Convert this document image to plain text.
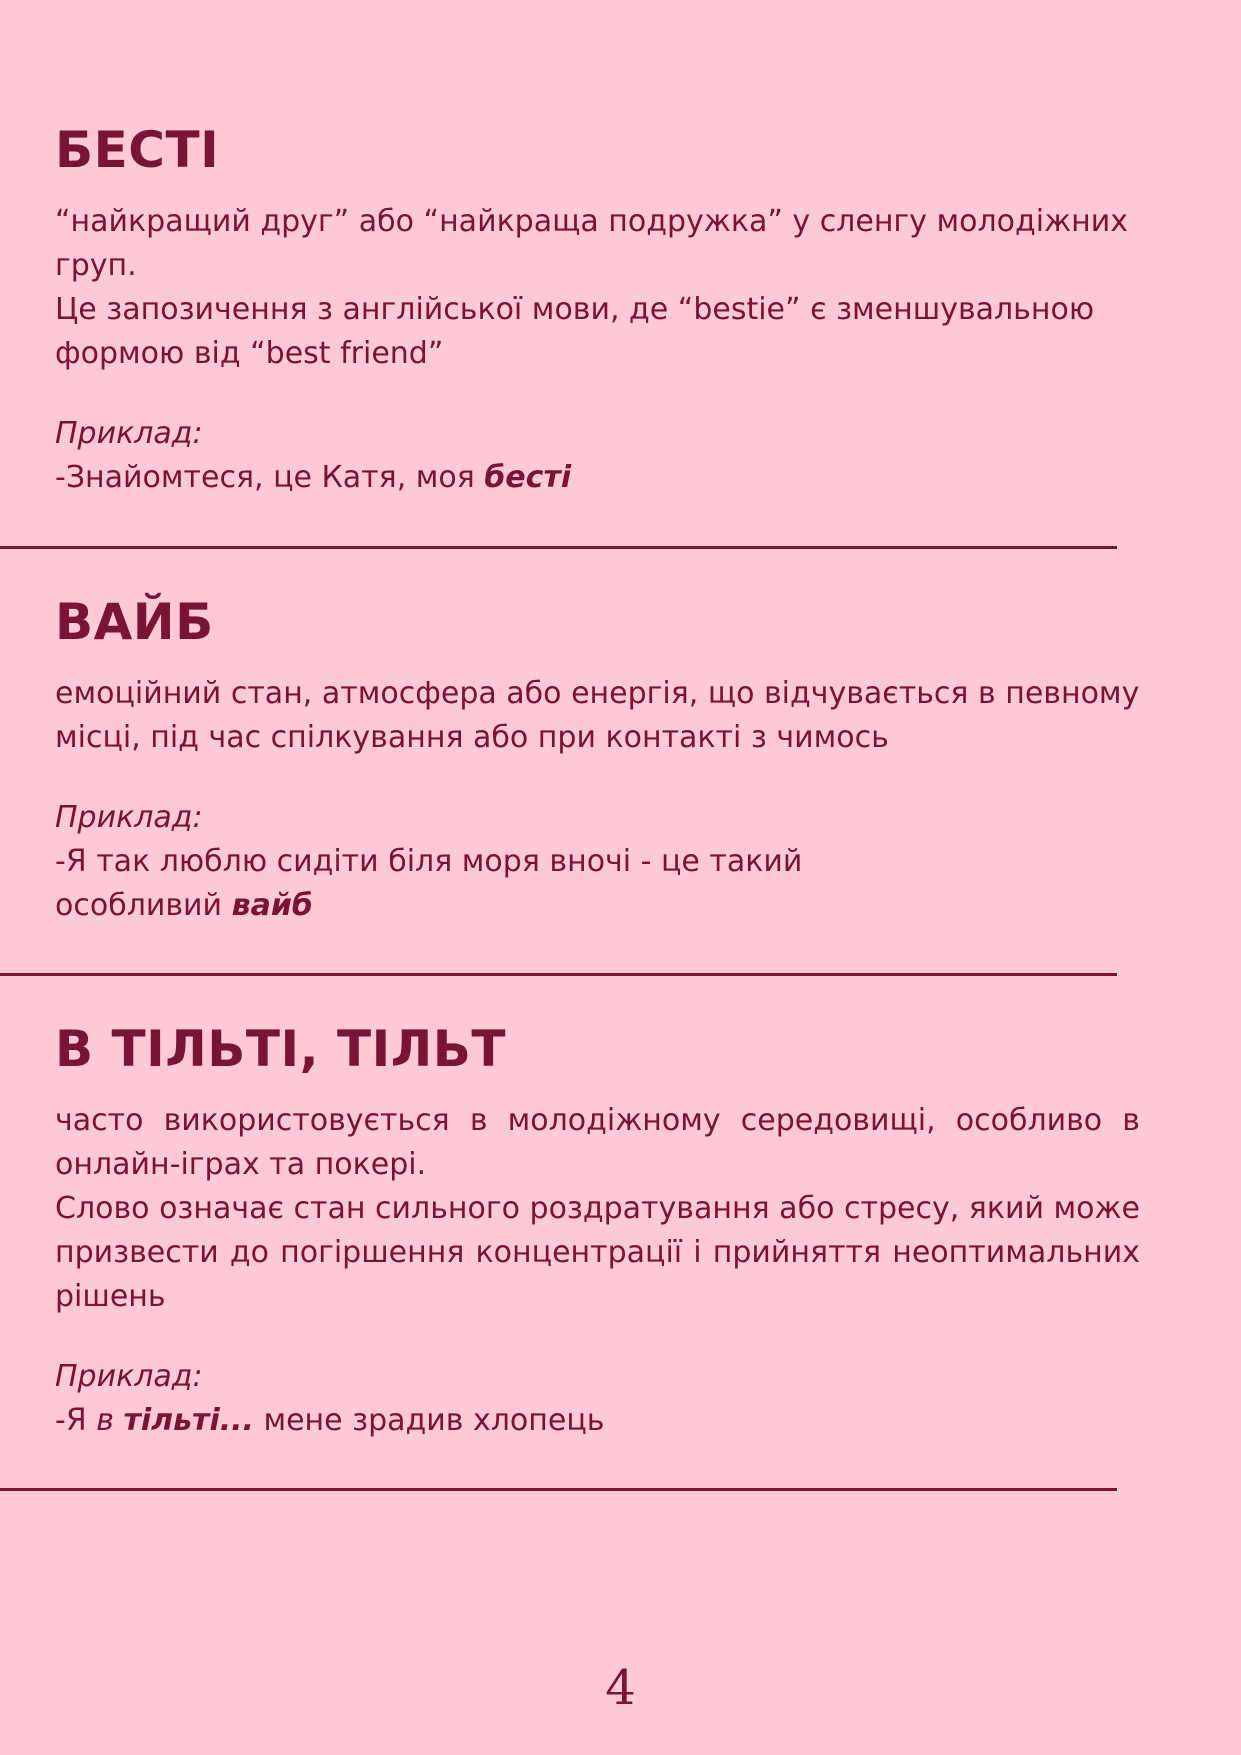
БЕСТІ

“найкращий друг” або “найкраща подружка” у сленгу молодіжних груп.

Це запозичення з англійської мови, де “bestie” є зменшувальною формою від “best friend”

Приклад:

-Знайомтеся, це Катя, моя бесті

ВАЙБ

емоційний стан, атмосфера або енергія, що відчувається в певному місці, під час спілкування або при контакті з чимось

Приклад:

-Я так люблю сидіти біля моря вночі - це такий

особливий вайб

В ТІЛЬТІ, ТІЛЬТ

часто використовується в молодіжному середовищі, особливо в онлайн-іграх та покері.

Слово означає стан сильного роздратування або стресу, який може призвести до погіршення концентрації і прийняття неоптимальних рішень

Приклад:

-Я в тільті... мене зрадив хлопець

4
